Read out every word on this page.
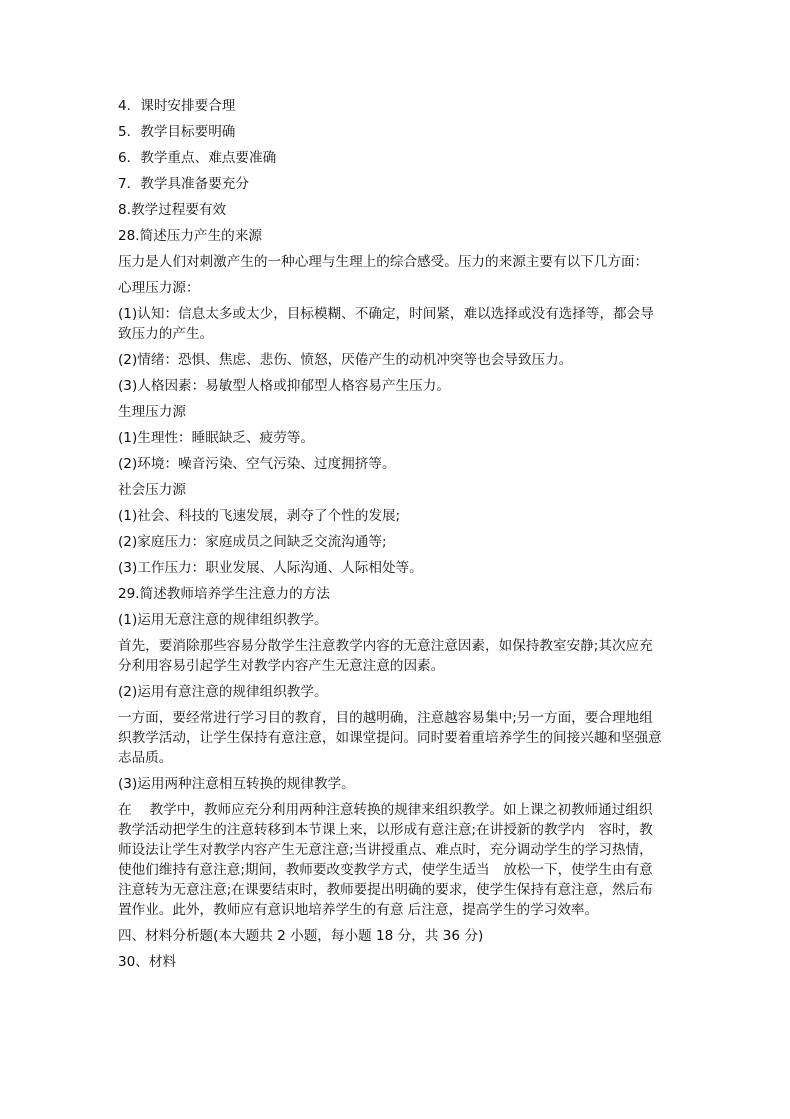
4．课时安排要合理

5．教学目标要明确

6．教学重点、难点要准确

7．教学具准备要充分

8.教学过程要有效

28.简述压力产生的来源

压力是人们对刺激产生的一种心理与生理上的综合感受。压力的来源主要有以下几方面：

心理压力源：

(1)认知：信息太多或太少，目标模糊、不确定，时间紧，难以选择或没有选择等，都会导致压力的产生。

(2)情绪：恐惧、焦虑、悲伤、愤怒，厌倦产生的动机冲突等也会导致压力。

(3)人格因素：易敏型人格或抑郁型人格容易产生压力。

生理压力源

(1)生理性：睡眠缺乏、疲劳等。

(2)环境：噪音污染、空气污染、过度拥挤等。

社会压力源

(1)社会、科技的飞速发展，剥夺了个性的发展;

(2)家庭压力：家庭成员之间缺乏交流沟通等;

(3)工作压力：职业发展、人际沟通、人际相处等。

29.简述教师培养学生注意力的方法

(1)运用无意注意的规律组织教学。

首先，要消除那些容易分散学生注意教学内容的无意注意因素，如保持教室安静;其次应充分利用容易引起学生对教学内容产生无意注意的因素。

(2)运用有意注意的规律组织教学。

一方面，要经常进行学习目的教育，目的越明确，注意越容易集中;另一方面，要合理地组织教学活动，让学生保持有意注意，如课堂提问。同时要着重培养学生的间接兴趣和坚强意志品质。

(3)运用两种注意相互转换的规律教学。

在　 教学中，教师应充分利用两种注意转换的规律来组织教学。如上课之初教师通过组织教学活动把学生的注意转移到本节课上来，以形成有意注意;在讲授新的教学内　容时，教师设法让学生对教学内容产生无意注意;当讲授重点、难点时，充分调动学生的学习热情，使他们维持有意注意;期间，教师要改变教学方式，使学生适当　放松一下，使学生由有意注意转为无意注意;在课要结束时，教师要提出明确的要求，使学生保持有意注意，然后布置作业。此外，教师应有意识地培养学生的有意 后注意，提高学生的学习效率。

四、材料分析题(本大题共 2 小题，每小题 18 分，共 36 分)

30、材料
